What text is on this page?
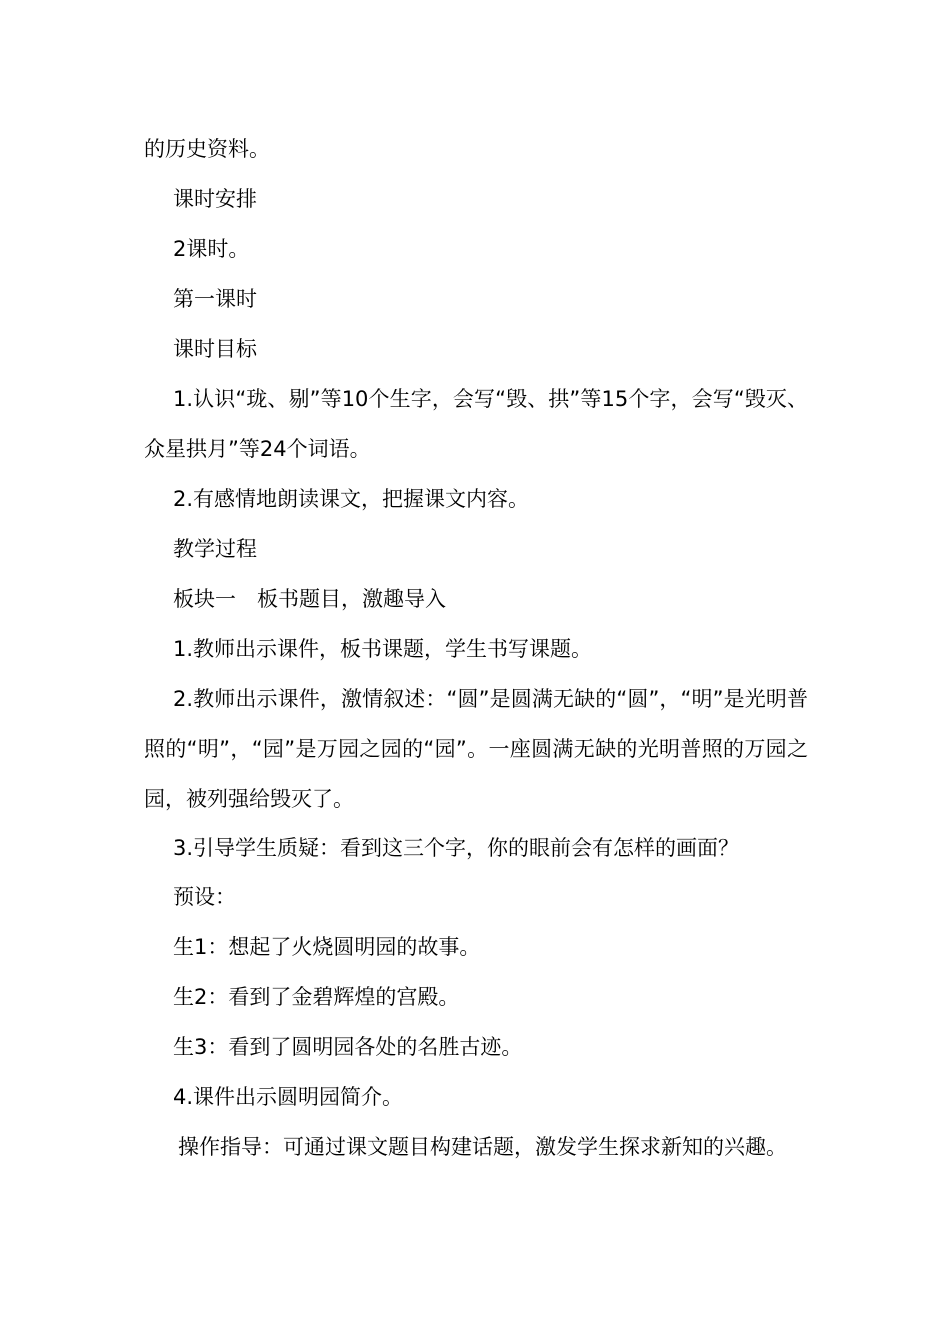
的历史资料。

课时安排

2课时。

第一课时

课时目标

1.认识“珑、剔”等10个生字，会写“毁、拱”等15个字，会写“毁灭、众星拱月”等24个词语。

2.有感情地朗读课文，把握课文内容。

教学过程

板块一　板书题目，激趣导入

1.教师出示课件，板书课题，学生书写课题。

2.教师出示课件，激情叙述：“圆”是圆满无缺的“圆”，“明”是光明普照的“明”，“园”是万园之园的“园”。一座圆满无缺的光明普照的万园之园，被列强给毁灭了。

3.引导学生质疑：看到这三个字，你的眼前会有怎样的画面？

预设：

生1：想起了火烧圆明园的故事。

生2：看到了金碧辉煌的宫殿。

生3：看到了圆明园各处的名胜古迹。

4.课件出示圆明园简介。

操作指导：可通过课文题目构建话题，激发学生探求新知的兴趣。
